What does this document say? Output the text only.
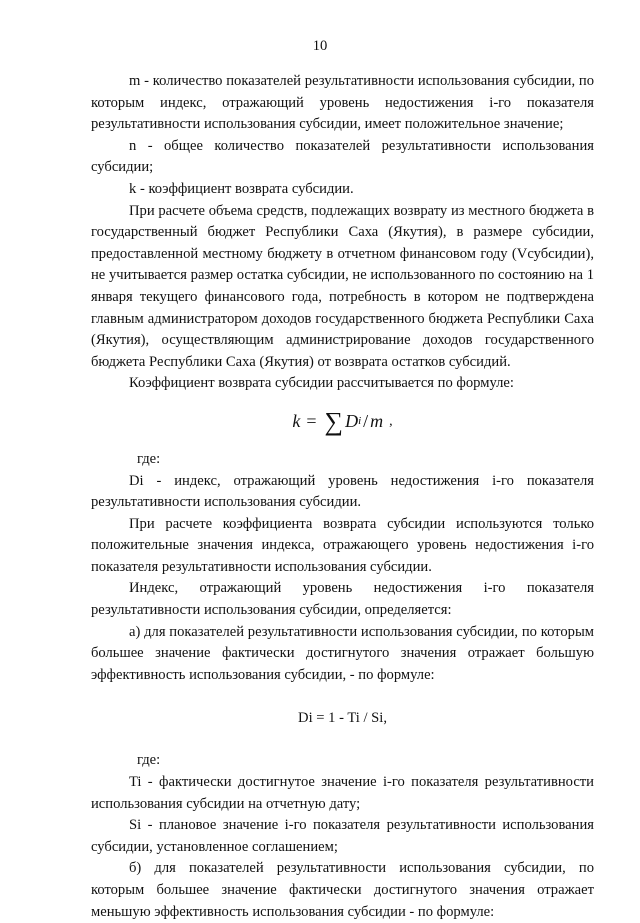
10

m - количество показателей результативности использования субсидии, по которым индекс, отражающий уровень недостижения i-го показателя результативности использования субсидии, имеет положительное значение;

n - общее количество показателей результативности использования субсидии;

k - коэффициент возврата субсидии.

При расчете объема средств, подлежащих возврату из местного бюджета в государственный бюджет Республики Саха (Якутия), в размере субсидии, предоставленной местному бюджету в отчетном финансовом году (Vсубсидии), не учитывается размер остатка субсидии, не использованного по состоянию на 1 января текущего финансового года, потребность в котором не подтверждена главным администратором доходов государственного бюджета Республики Саха (Якутия), осуществляющим администрирование доходов государственного бюджета Республики Саха (Якутия) от возврата остатков субсидий.

Коэффициент возврата субсидии рассчитывается по формуле:

k = ∑ D i / m ,

где:

Di - индекс, отражающий уровень недостижения i-го показателя результативности использования субсидии.

При расчете коэффициента возврата субсидии используются только положительные значения индекса, отражающего уровень недостижения i-го показателя результативности использования субсидии.

Индекс, отражающий уровень недостижения i-го показателя результативности использования субсидии, определяется:

а) для показателей результативности использования субсидии, по которым большее значение фактически достигнутого значения отражает большую эффективность использования субсидии, - по формуле:

Di = 1 - Ti / Si,

где:

Ti - фактически достигнутое значение i-го показателя результативности использования субсидии на отчетную дату;

Si - плановое значение i-го показателя результативности использования субсидии, установленное соглашением;

б) для показателей результативности использования субсидии, по которым большее значение фактически достигнутого значения отражает меньшую эффективность использования субсидии - по формуле:
